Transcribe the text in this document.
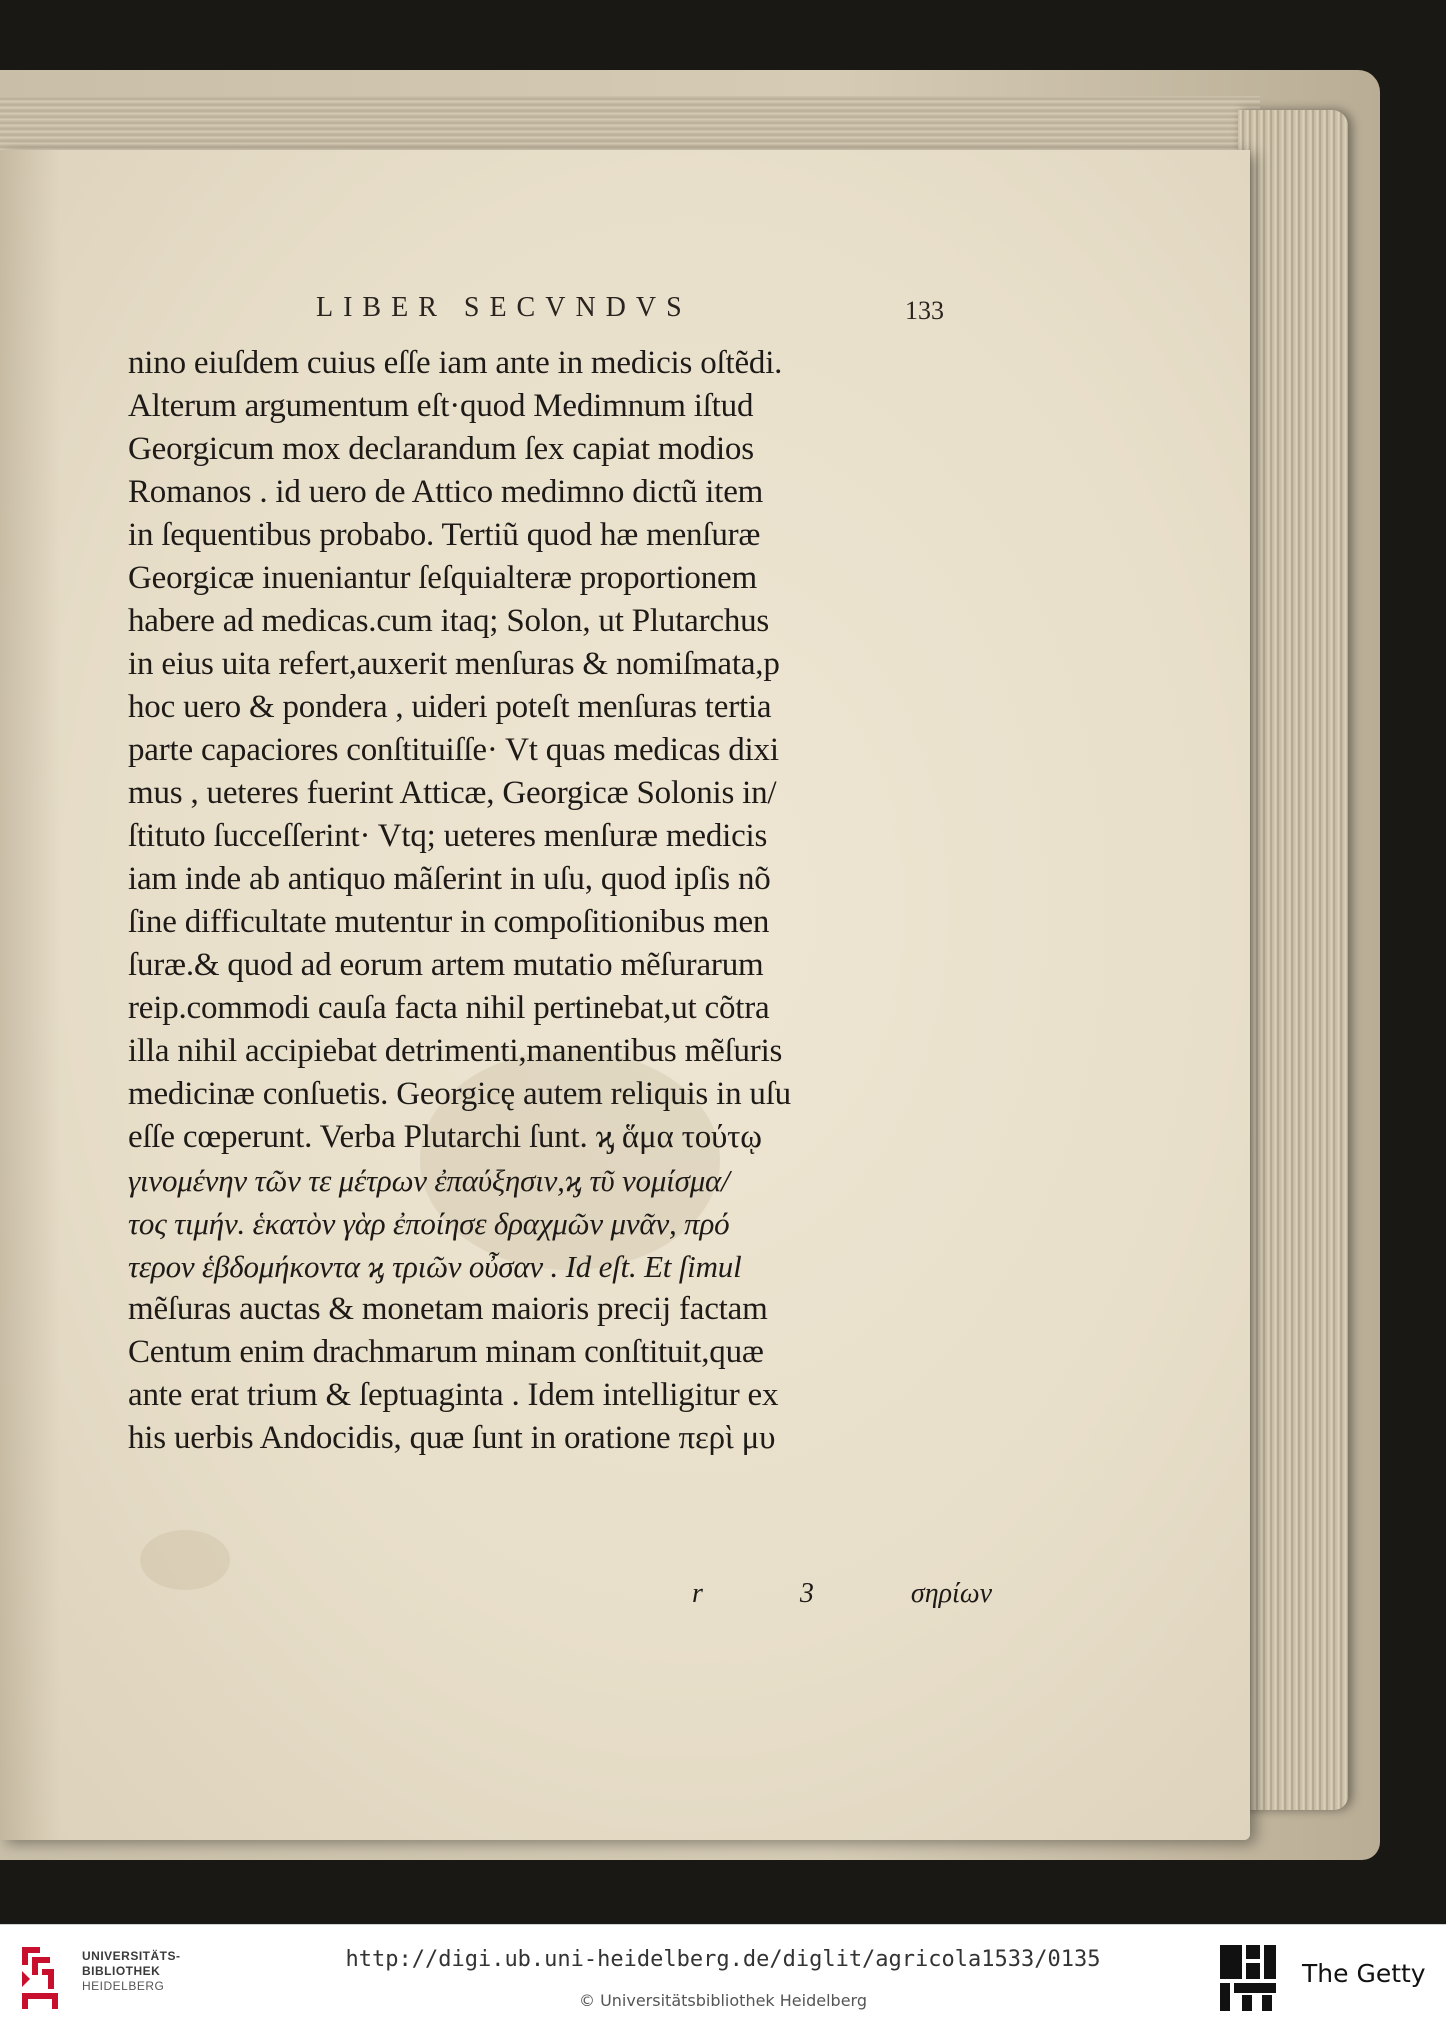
LIBER SECVNDVS	133
nino eiuſdem cuius eſſe iam ante in medicis oſtẽdi.
Alterum argumentum eſt·quod Medimnum iſtud
Georgicum mox declarandum ſex capiat modios
Romanos . id uero de Attico medimno dictũ item
in ſequentibus probabo. Tertiũ quod hæ menſuræ
Georgicæ inueniantur ſeſquialteræ proportionem
habere ad medicas.cum itaq; Solon, ut Plutarchus
in eius uita refert,auxerit menſuras & nomiſmata,p
hoc uero & pondera , uideri poteſt menſuras tertia
parte capaciores conſtituiſſe· Vt quas medicas dixi
mus , ueteres fuerint Atticæ, Georgicæ Solonis in/
ſtituto ſucceſſerint· Vtq; ueteres menſuræ medicis
iam inde ab antiquo mãſerint in uſu, quod ipſis nõ
ſine difficultate mutentur in compoſitionibus men
ſuræ.& quod ad eorum artem mutatio mẽſurarum
reip.commodi cauſa facta nihil pertinebat,ut cõtra
illa nihil accipiebat detrimenti,manentibus mẽſuris
medicinæ conſuetis. Georgicę autem reliquis in uſu
eſſe cœperunt. Verba Plutarchi ſunt. ϗ ἅμα τούτῳ
γινομένην τῶν τε μέτρων ἐπαύξησιν,ϗ τῦ νομίσμα/
τος τιμήν. ἑκατὸν γὰρ ἐποίησε δραχμῶν μνᾶν, πρό
τερον ἑβδομήκοντα ϗ τριῶν οὖσαν . Id eſt. Et ſimul
mẽſuras auctas & monetam maioris precij factam
Centum enim drachmarum minam conſtituit,quæ
ante erat trium & ſeptuaginta . Idem intelligitur ex
his uerbis Andocidis, quæ ſunt in oratione περὶ μυ
r 3 σηρίων
UNIVERSITÄTS-
BIBLIOTHEK
HEIDELBERG
http://digi.ub.uni-heidelberg.de/diglit/agricola1533/0135
© Universitätsbibliothek Heidelberg
The Getty
